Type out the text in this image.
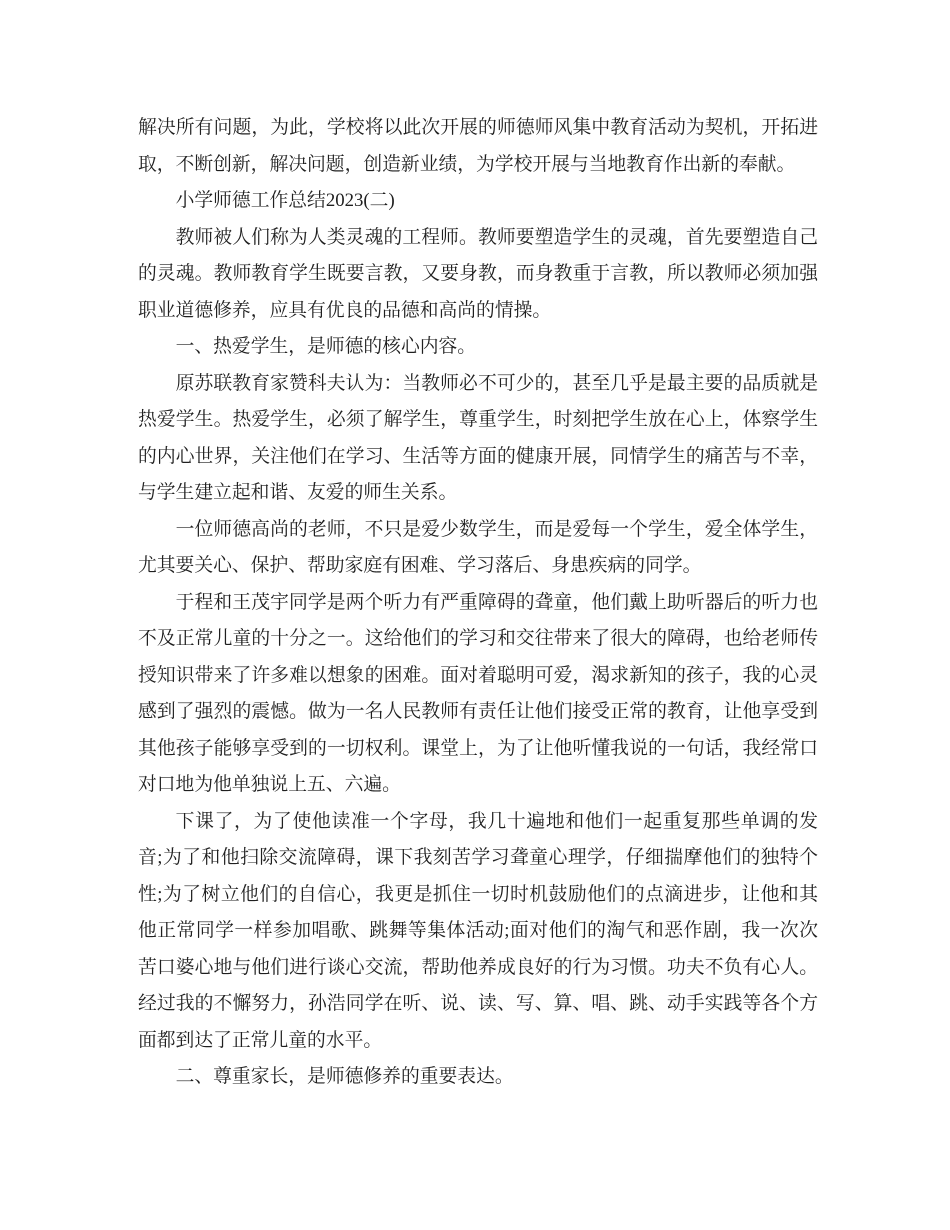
解决所有问题，为此，学校将以此次开展的师德师风集中教育活动为契机，开拓进取，不断创新，解决问题，创造新业绩，为学校开展与当地教育作出新的奉献。

小学师德工作总结2023(二)

教师被人们称为人类灵魂的工程师。教师要塑造学生的灵魂，首先要塑造自己的灵魂。教师教育学生既要言教，又要身教，而身教重于言教，所以教师必须加强职业道德修养，应具有优良的品德和高尚的情操。

一、热爱学生，是师德的核心内容。

原苏联教育家赞科夫认为：当教师必不可少的，甚至几乎是最主要的品质就是热爱学生。热爱学生，必须了解学生，尊重学生，时刻把学生放在心上，体察学生的内心世界，关注他们在学习、生活等方面的健康开展，同情学生的痛苦与不幸，与学生建立起和谐、友爱的师生关系。

一位师德高尚的老师，不只是爱少数学生，而是爱每一个学生，爱全体学生，尤其要关心、保护、帮助家庭有困难、学习落后、身患疾病的同学。

于程和王茂宇同学是两个听力有严重障碍的聋童，他们戴上助听器后的听力也不及正常儿童的十分之一。这给他们的学习和交往带来了很大的障碍，也给老师传授知识带来了许多难以想象的困难。面对着聪明可爱，渴求新知的孩子，我的心灵感到了强烈的震憾。做为一名人民教师有责任让他们接受正常的教育，让他享受到其他孩子能够享受到的一切权利。课堂上，为了让他听懂我说的一句话，我经常口对口地为他单独说上五、六遍。

下课了，为了使他读准一个字母，我几十遍地和他们一起重复那些单调的发音;为了和他扫除交流障碍，课下我刻苦学习聋童心理学，仔细揣摩他们的独特个性;为了树立他们的自信心，我更是抓住一切时机鼓励他们的点滴进步，让他和其他正常同学一样参加唱歌、跳舞等集体活动;面对他们的淘气和恶作剧，我一次次苦口婆心地与他们进行谈心交流，帮助他养成良好的行为习惯。功夫不负有心人。经过我的不懈努力，孙浩同学在听、说、读、写、算、唱、跳、动手实践等各个方面都到达了正常儿童的水平。

二、尊重家长，是师德修养的重要表达。
